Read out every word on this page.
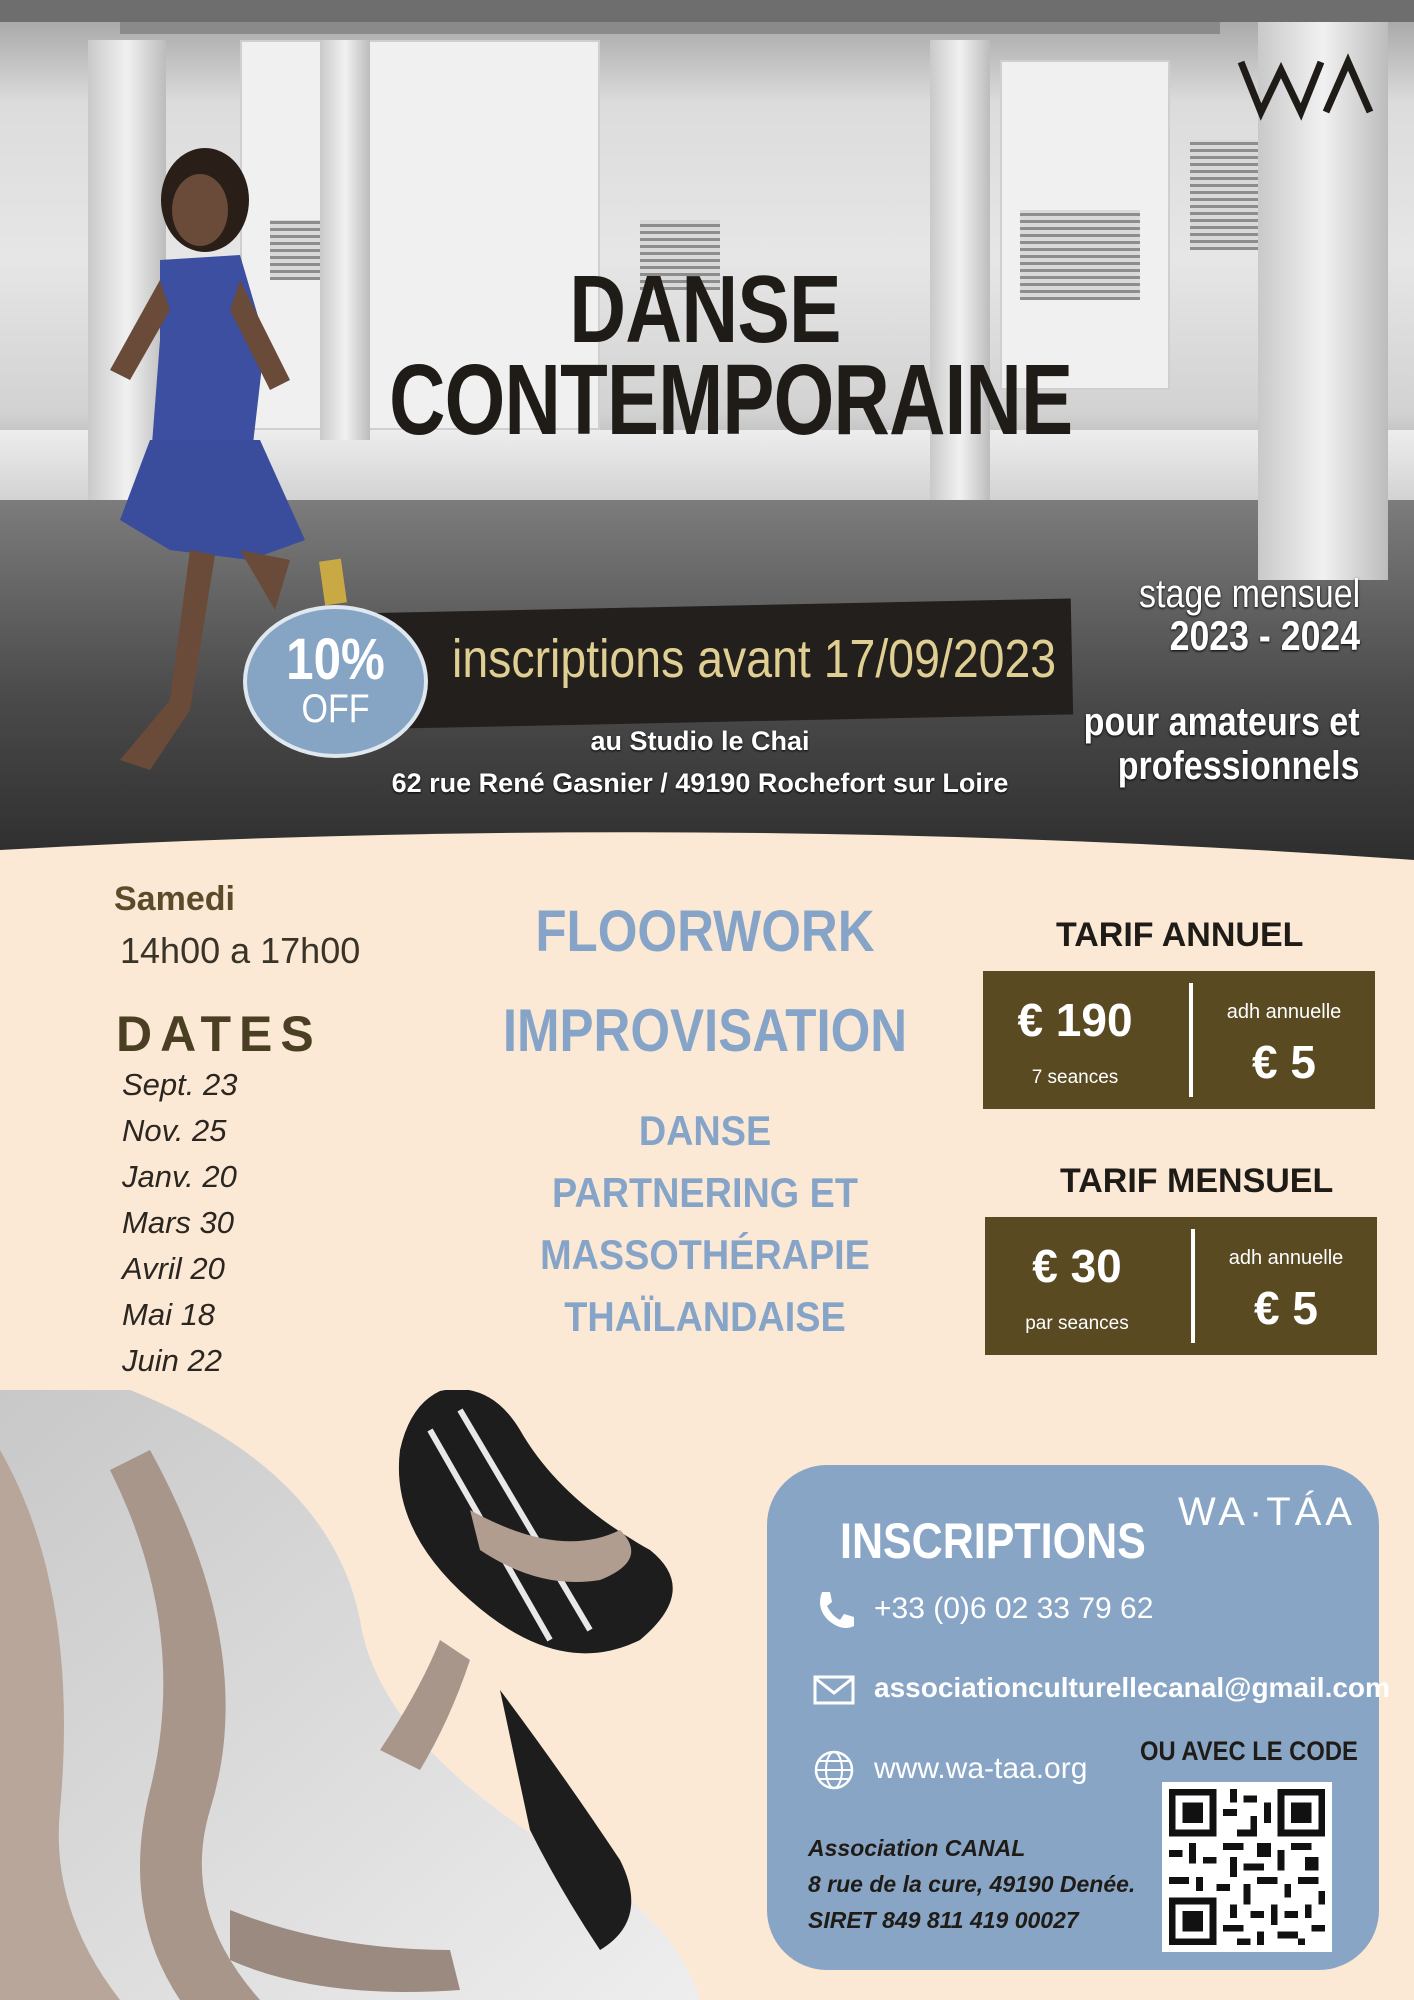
DANSE
CONTEMPORAINE
inscriptions avant 17/09/2023
10%
OFF
au Studio le Chai
62 rue René Gasnier / 49190 Rochefort sur Loire
stage mensuel
2023 - 2024
pour amateurs et
professionnels
Samedi
14h00 a 17h00
DATES
Sept. 23
Nov. 25
Janv. 20
Mars 30
Avril 20
Mai 18
Juin 22
FLOORWORK
IMPROVISATION
DANSE
PARTNERING ET
MASSOTHÉRAPIE
THAÏLANDAISE
TARIF ANNUEL
€ 190
7 seances
adh annuelle
€ 5
TARIF MENSUEL
€ 30
par seances
adh annuelle
€ 5
WA·TÁA
INSCRIPTIONS
+33 (0)6 02 33 79 62
associationculturellecanal@gmail.com
www.wa-taa.org
OU AVEC LE CODE
Association CANAL
8 rue de la cure, 49190 Denée.
SIRET 849 811 419 00027
